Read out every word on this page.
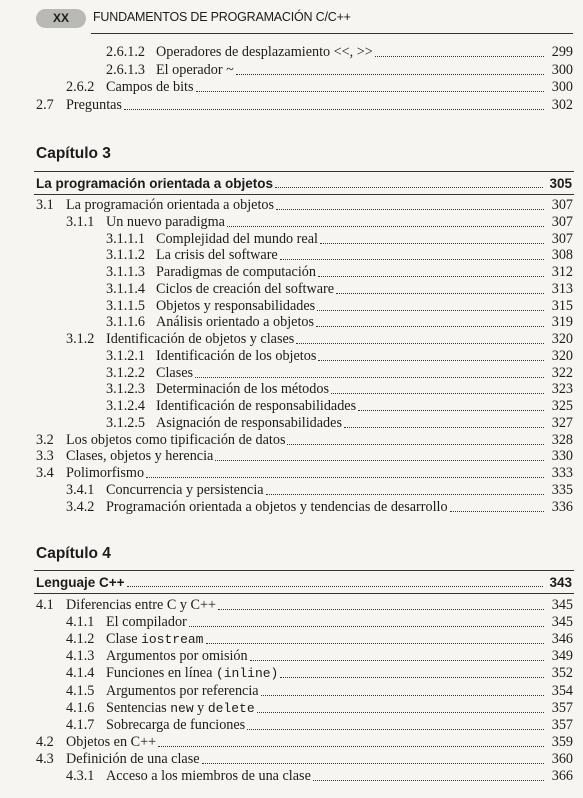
XX	FUNDAMENTOS DE PROGRAMACIÓN C/C++
2.6.1.2 Operadores de desplazamiento <<, >>	299
2.6.1.3 El operador ~	300
2.6.2 Campos de bits	300
2.7 Preguntas	302
Capítulo 3
La programación orientada a objetos	305
3.1 La programación orientada a objetos	307
3.1.1 Un nuevo paradigma	307
3.1.1.1 Complejidad del mundo real	307
3.1.1.2 La crisis del software	308
3.1.1.3 Paradigmas de computación	312
3.1.1.4 Ciclos de creación del software	313
3.1.1.5 Objetos y responsabilidades	315
3.1.1.6 Análisis orientado a objetos	319
3.1.2 Identificación de objetos y clases	320
3.1.2.1 Identificación de los objetos	320
3.1.2.2 Clases	322
3.1.2.3 Determinación de los métodos	323
3.1.2.4 Identificación de responsabilidades	325
3.1.2.5 Asignación de responsabilidades	327
3.2 Los objetos como tipificación de datos	328
3.3 Clases, objetos y herencia	330
3.4 Polimorfismo	333
3.4.1 Concurrencia y persistencia	335
3.4.2 Programación orientada a objetos y tendencias de desarrollo	336
Capítulo 4
Lenguaje C++	343
4.1 Diferencias entre C y C++	345
4.1.1 El compilador	345
4.1.2 Clase iostream	346
4.1.3 Argumentos por omisión	349
4.1.4 Funciones en línea (inline)	352
4.1.5 Argumentos por referencia	354
4.1.6 Sentencias new y delete	357
4.1.7 Sobrecarga de funciones	357
4.2 Objetos en C++	359
4.3 Definición de una clase	360
4.3.1 Acceso a los miembros de una clase	366
